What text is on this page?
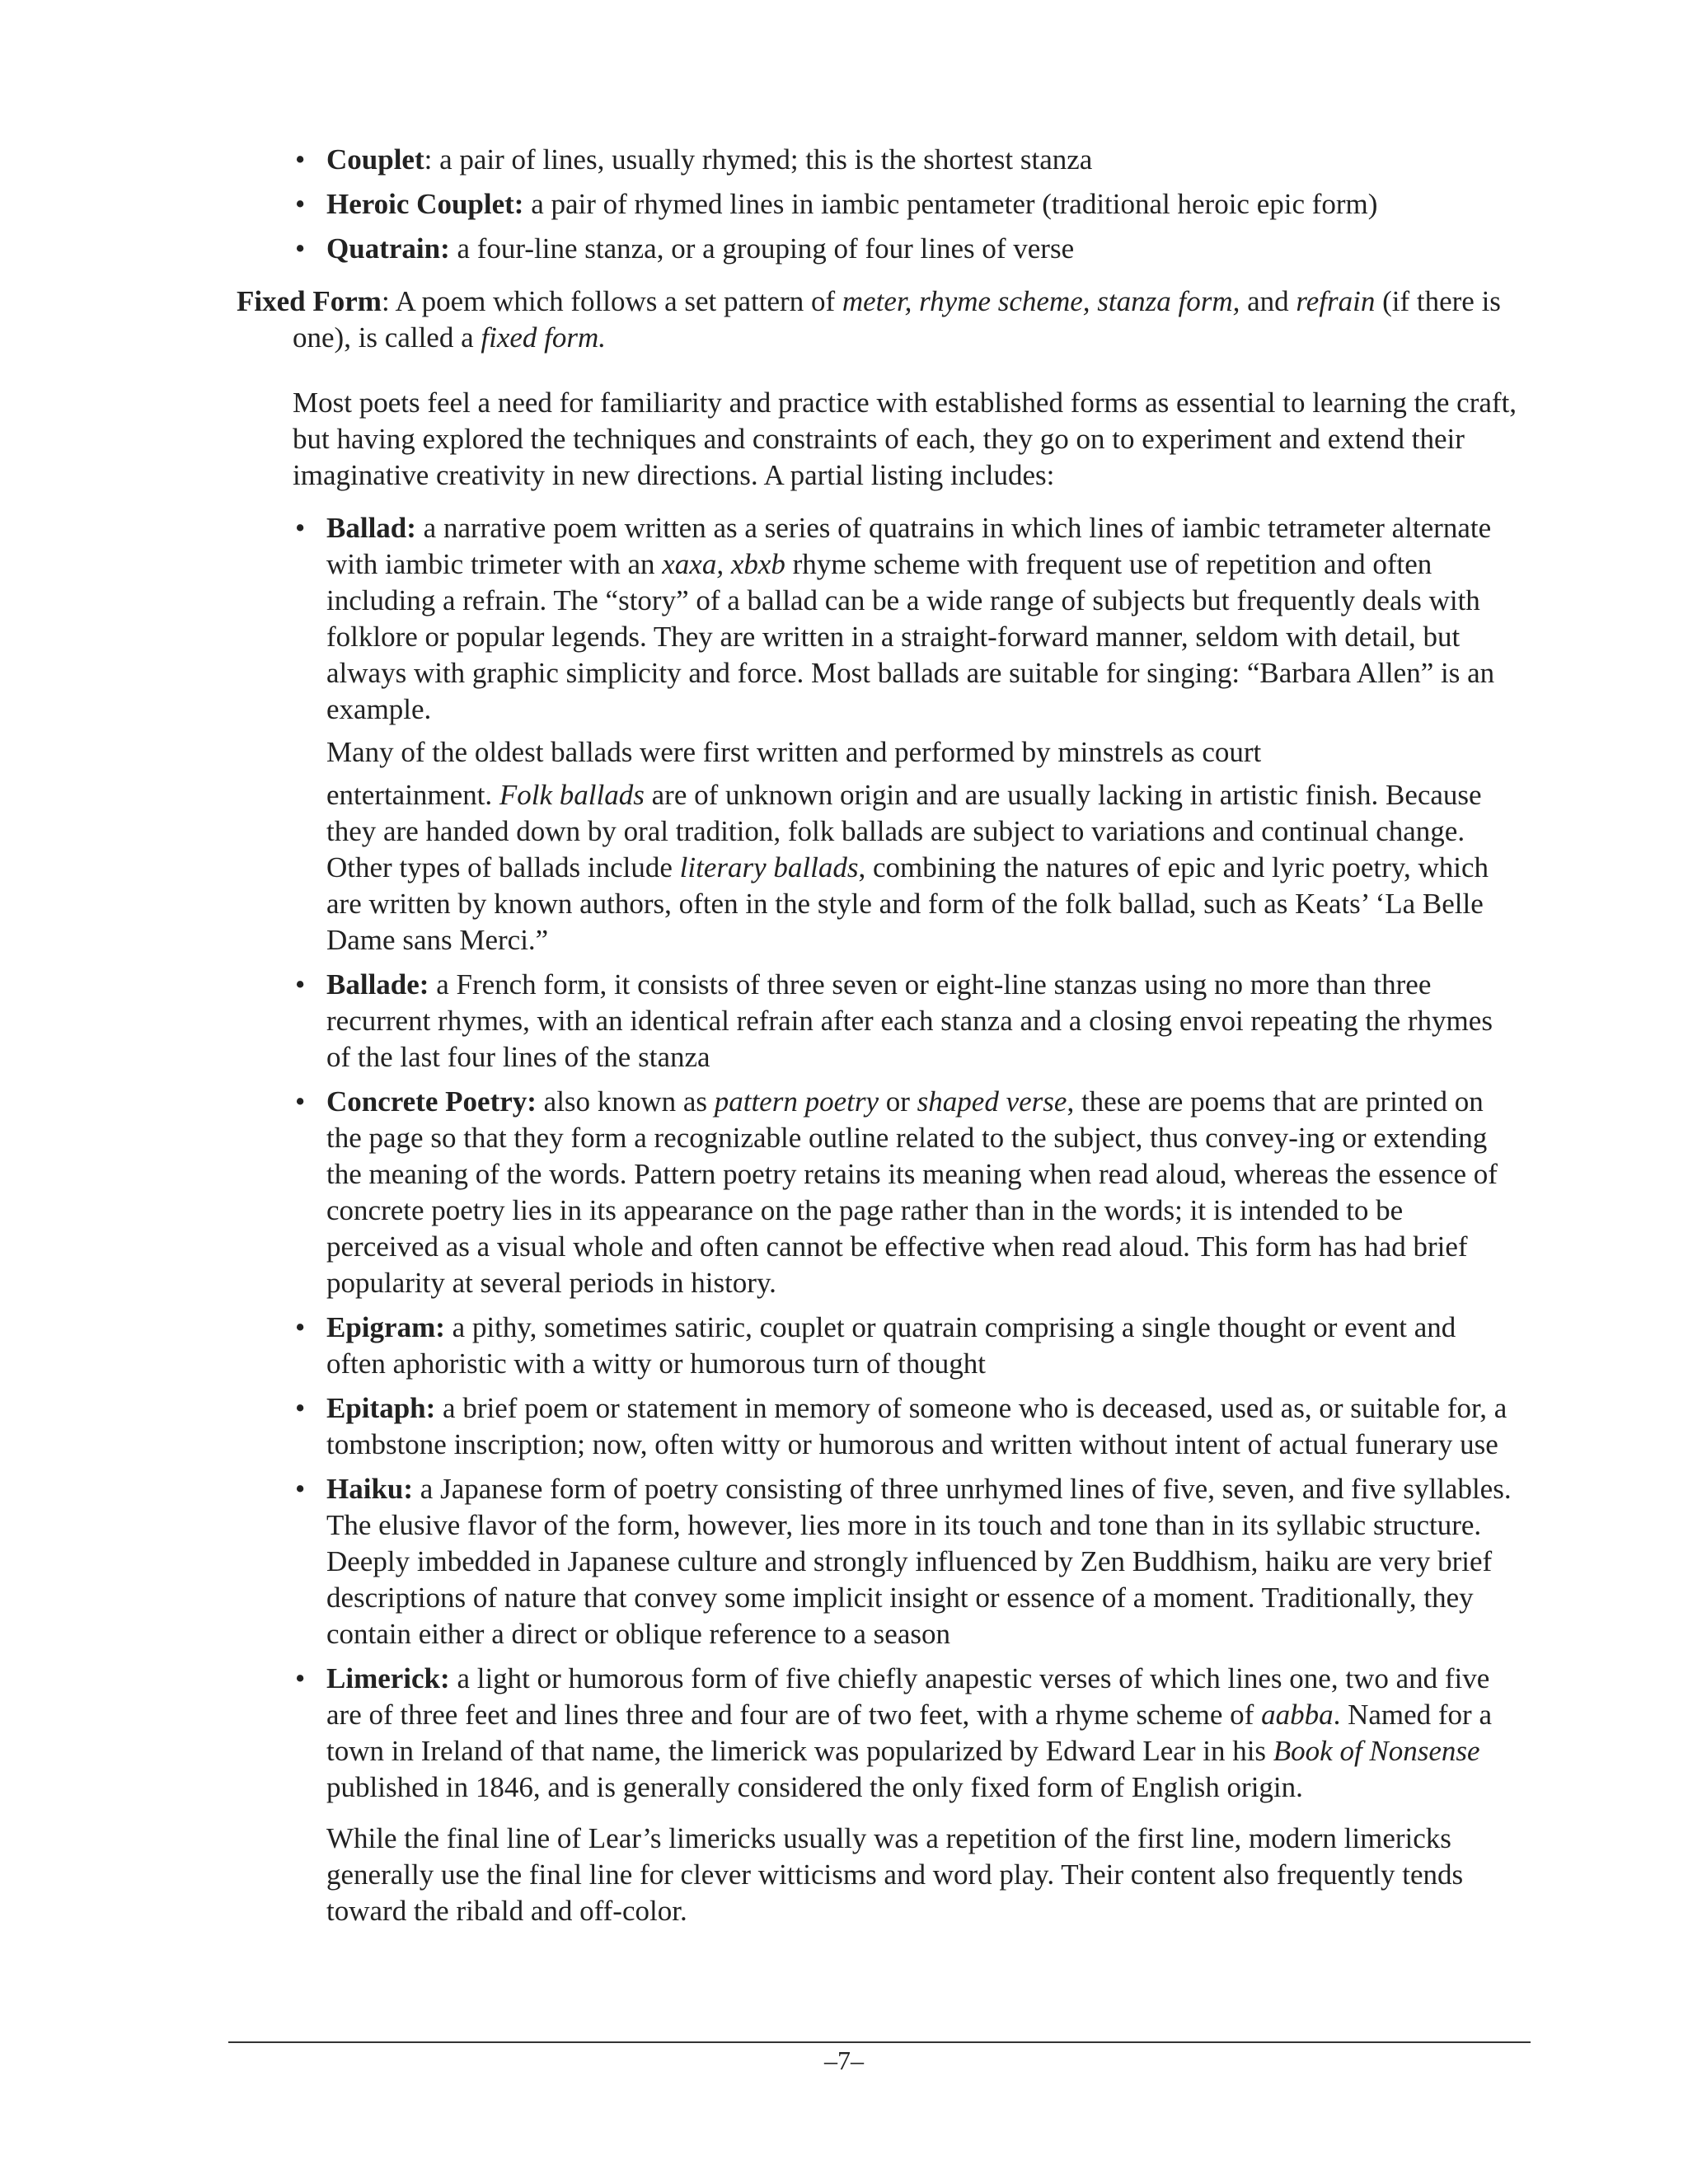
• Couplet: a pair of lines, usually rhymed; this is the shortest stanza
• Heroic Couplet: a pair of rhymed lines in iambic pentameter (traditional heroic epic form)
• Quatrain: a four-line stanza, or a grouping of four lines of verse

Fixed Form: A poem which follows a set pattern of meter, rhyme scheme, stanza form, and refrain (if there is one), is called a fixed form.

Most poets feel a need for familiarity and practice with established forms as essential to learning the craft, but having explored the techniques and constraints of each, they go on to experiment and extend their imaginative creativity in new directions. A partial listing includes:

• Ballad: a narrative poem written as a series of quatrains in which lines of iambic tetrameter alternate with iambic trimeter with an xaxa, xbxb rhyme scheme with frequent use of repetition and often including a refrain. The “story” of a ballad can be a wide range of subjects but frequently deals with folklore or popular legends. They are written in a straight-forward manner, seldom with detail, but always with graphic simplicity and force. Most ballads are suitable for singing: “Barbara Allen” is an example.
Many of the oldest ballads were first written and performed by minstrels as court
entertainment. Folk ballads are of unknown origin and are usually lacking in artistic finish. Because they are handed down by oral tradition, folk ballads are subject to variations and continual change. Other types of ballads include literary ballads, combining the natures of epic and lyric poetry, which are written by known authors, often in the style and form of the folk ballad, such as Keats’ ‘La Belle Dame sans Merci.”
• Ballade: a French form, it consists of three seven or eight-line stanzas using no more than three recurrent rhymes, with an identical refrain after each stanza and a closing envoi repeating the rhymes of the last four lines of the stanza
• Concrete Poetry: also known as pattern poetry or shaped verse, these are poems that are printed on the page so that they form a recognizable outline related to the subject, thus convey-ing or extending the meaning of the words. Pattern poetry retains its meaning when read aloud, whereas the essence of concrete poetry lies in its appearance on the page rather than in the words; it is intended to be perceived as a visual whole and often cannot be effective when read aloud. This form has had brief popularity at several periods in history.
• Epigram: a pithy, sometimes satiric, couplet or quatrain comprising a single thought or event and often aphoristic with a witty or humorous turn of thought
• Epitaph: a brief poem or statement in memory of someone who is deceased, used as, or suitable for, a tombstone inscription; now, often witty or humorous and written without intent of actual funerary use
• Haiku: a Japanese form of poetry consisting of three unrhymed lines of five, seven, and five syllables. The elusive flavor of the form, however, lies more in its touch and tone than in its syllabic structure. Deeply imbedded in Japanese culture and strongly influenced by Zen Buddhism, haiku are very brief descriptions of nature that convey some implicit insight or essence of a moment. Traditionally, they contain either a direct or oblique reference to a season
• Limerick: a light or humorous form of five chiefly anapestic verses of which lines one, two and five are of three feet and lines three and four are of two feet, with a rhyme scheme of aabba. Named for a town in Ireland of that name, the limerick was popularized by Edward Lear in his Book of Nonsense published in 1846, and is generally considered the only fixed form of English origin.
While the final line of Lear’s limericks usually was a repetition of the first line, modern limericks generally use the final line for clever witticisms and word play. Their content also frequently tends toward the ribald and off-color.
–7–
